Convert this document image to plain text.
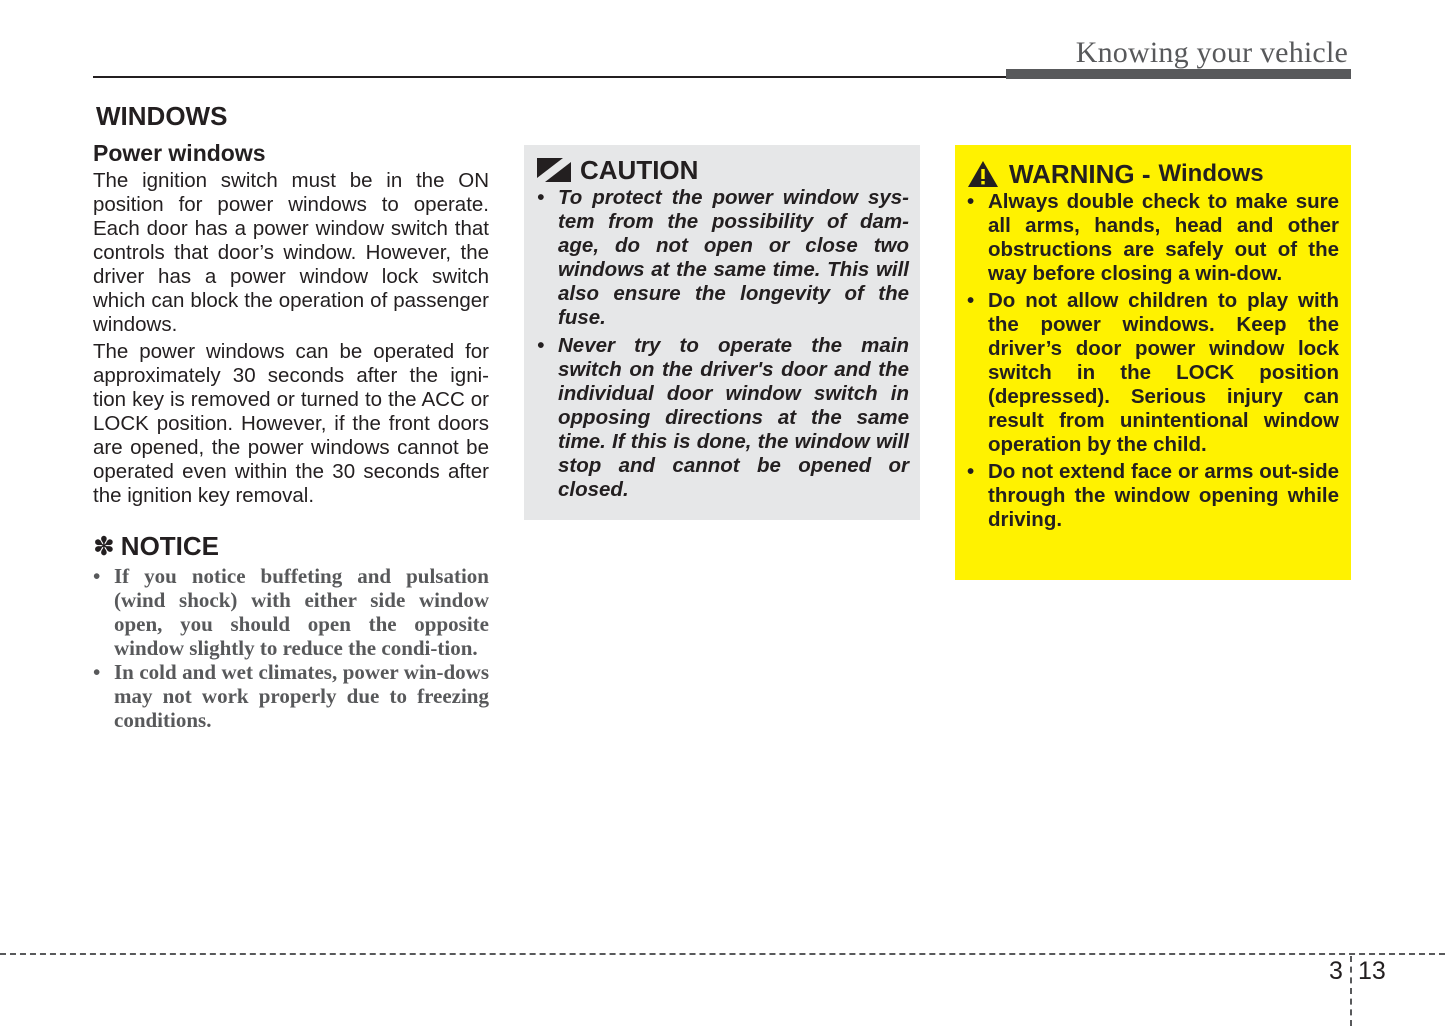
Knowing your vehicle
WINDOWS
Power windows

The ignition switch must be in the ON position for power windows to operate. Each door has a power window switch that controls that door’s window. However, the driver has a power window lock switch which can block the operation of passenger windows.

The power windows can be operated for approximately 30 seconds after the igni-tion key is removed or turned to the ACC or LOCK position. However, if the front doors are opened, the power windows cannot be operated even within the 30 seconds after the ignition key removal.

✽ NOTICE
• If you notice buffeting and pulsation (wind shock) with either side window open, you should open the opposite window slightly to reduce the condi-tion.
• In cold and wet climates, power win-dows may not work properly due to freezing conditions.
CAUTION
• To protect the power window sys-tem from the possibility of dam-age, do not open or close two windows at the same time. This will also ensure the longevity of the fuse.
• Never try to operate the main switch on the driver's door and the individual door window switch in opposing directions at the same time. If this is done, the window will stop and cannot be opened or closed.
WARNING - Windows
• Always double check to make sure all arms, hands, head and other obstructions are safely out of the way before closing a win-dow.
• Do not allow children to play with the power windows. Keep the driver’s door power window lock switch in the LOCK position (depressed). Serious injury can result from unintentional window operation by the child.
• Do not extend face or arms out-side through the window opening while driving.
3 13
